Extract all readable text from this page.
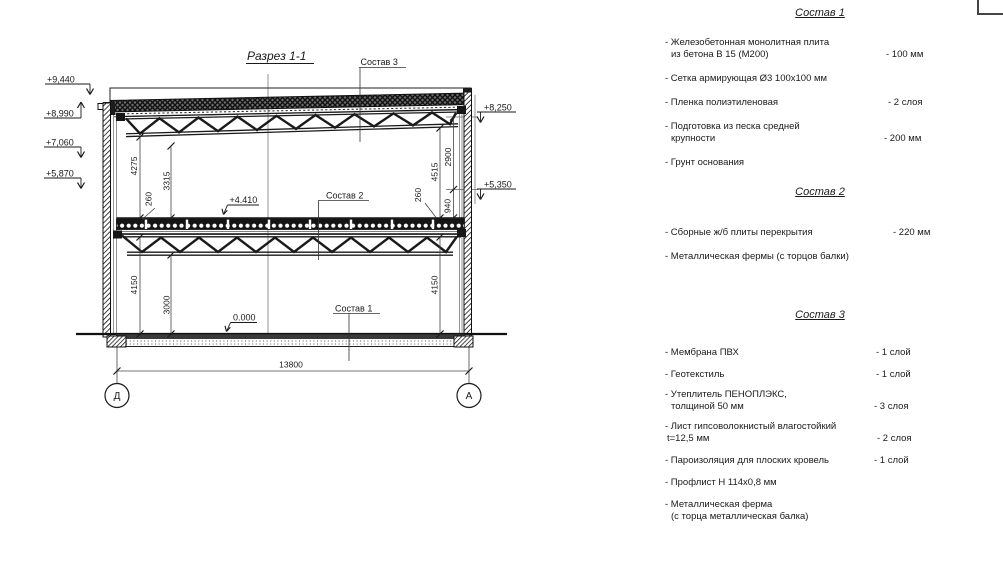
Разрез 1-1
4275
3315
260
4150
3000
4515
2900
940
260
4150
13800
+9,440
+8,990
+7,060
+5,870
+8,250
+5,350
+4.410
0.000
Состав 3
Состав 2
Состав 1
Д	А
Состав 1
- Железобетонная монолитная плита
из бетона В 15 (М200)	- 100 мм
- Сетка армирующая Ø3 100х100 мм
- Пленка полиэтиленовая	- 2 слоя
- Подготовка из песка средней
крупности	- 200 мм
- Грунт основания
Состав 2
- Сборные ж/б плиты перекрытия	- 220 мм
- Металлическая фермы (с торцов балки)
Состав 3
- Мембрана ПВХ	- 1 слой
- Геотекстиль	- 1 слой
- Утеплитель ПЕНОПЛЭКС,
толщиной 50 мм	- 3 слоя
- Лист гипсоволокнистый влагостойкий
t=12,5 мм	- 2 слоя
- Пароизоляция для плоских кровель	- 1 слой
- Профлист Н 114х0,8 мм
- Металлическая ферма
(с торца металлическая балка)
